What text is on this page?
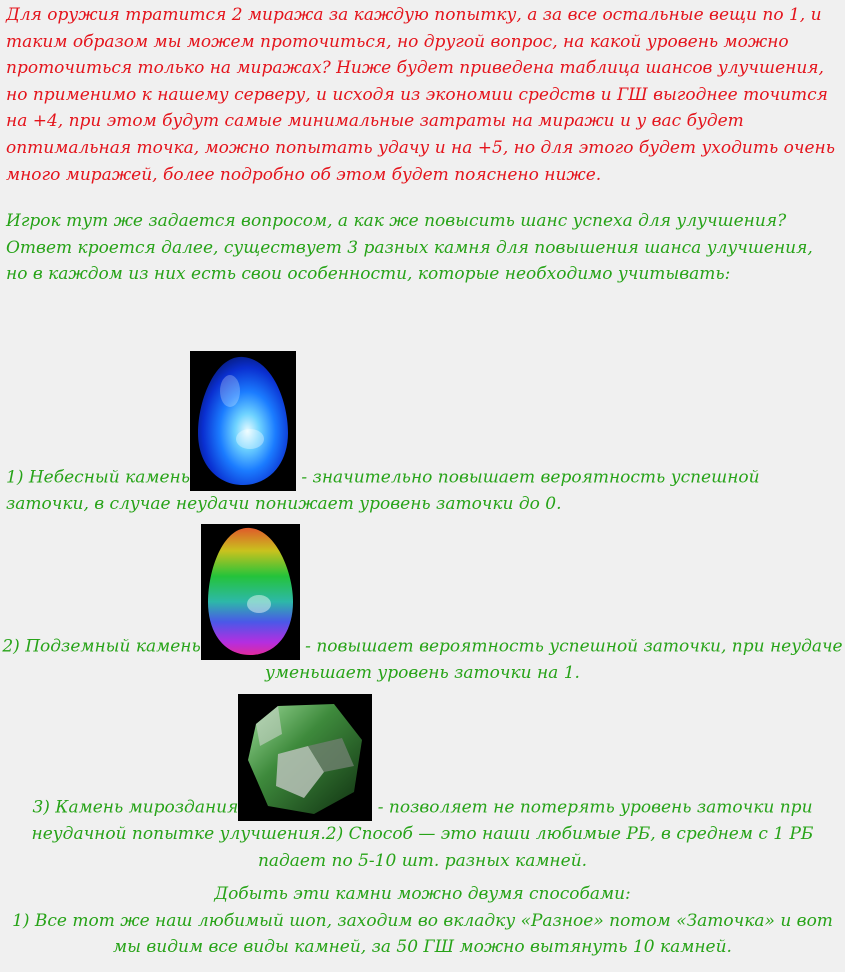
Для оружия тратится 2 миража за каждую попытку, а за все остальные вещи по 1, и таким образом мы можем проточиться, но другой вопрос, на какой уровень можно проточиться только на миражах? Ниже будет приведена таблица шансов улучшения, но применимо к нашему серверу, и исходя из экономии средств и ГШ выгоднее точится на +4, при этом будут самые минимальные затраты на миражи и у вас будет оптимальная точка, можно попытать удачу и на +5, но для этого будет уходить очень много миражей, более подробно об этом будет пояснено ниже.

Игрок тут же задается вопросом, а как же повысить шанс успеха для улучшения? Ответ кроется далее, существует 3 разных камня для повышения шанса улучшения, но в каждом из них есть свои особенности, которые необходимо учитывать:

1) Небесный камень	- значительно повышает вероятность успешной заточки, в случае неудачи понижает уровень заточки до 0.
2) Подземный камень	- повышает вероятность успешной заточки, при неудаче уменьшает уровень заточки на 1.
3) Камень мироздания	- позволяет не потерять уровень заточки при неудачной попытке улучшения.2) Способ — это наши любимые РБ, в среднем с 1 РБ падает по 5-10 шт. разных камней.

Добыть эти камни можно двумя способами:

1) Все тот же наш любимый шоп, заходим во вкладку «Разное» потом «Заточка» и вот мы видим все виды камней, за 50 ГШ можно вытянуть 10 камней.
